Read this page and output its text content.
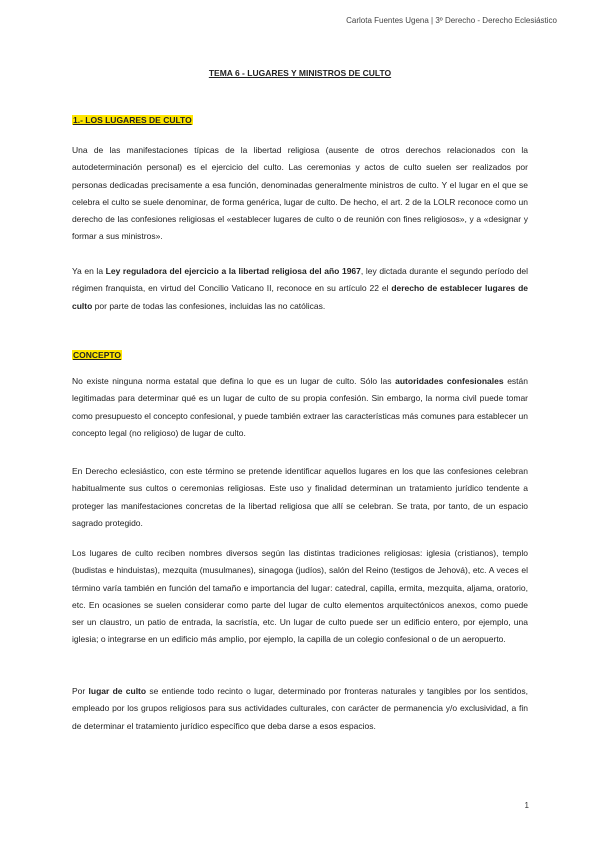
Carlota Fuentes Ugena | 3º Derecho - Derecho Eclesiástico
TEMA 6 - LUGARES Y MINISTROS DE CULTO
1.- LOS LUGARES DE CULTO

Una de las manifestaciones típicas de la libertad religiosa (ausente de otros derechos relacionados con la autodeterminación personal) es el ejercicio del culto. Las ceremonias y actos de culto suelen ser realizados por personas dedicadas precisamente a esa función, denominadas generalmente ministros de culto. Y el lugar en el que se celebra el culto se suele denominar, de forma genérica, lugar de culto. De hecho, el art. 2 de la LOLR reconoce como un derecho de las confesiones religiosas el «establecer lugares de culto o de reunión con fines religiosos», y a «designar y formar a sus ministros».

Ya en la Ley reguladora del ejercicio a la libertad religiosa del año 1967, ley dictada durante el segundo período del régimen franquista, en virtud del Concilio Vaticano II, reconoce en su artículo 22 el derecho de establecer lugares de culto por parte de todas las confesiones, incluidas las no católicas.

CONCEPTO

No existe ninguna norma estatal que defina lo que es un lugar de culto. Sólo las autoridades confesionales están legitimadas para determinar qué es un lugar de culto de su propia confesión. Sin embargo, la norma civil puede tomar como presupuesto el concepto confesional, y puede también extraer las características más comunes para establecer un concepto legal (no religioso) de lugar de culto.

En Derecho eclesiástico, con este término se pretende identificar aquellos lugares en los que las confesiones celebran habitualmente sus cultos o ceremonias religiosas. Este uso y finalidad determinan un tratamiento jurídico tendente a proteger las manifestaciones concretas de la libertad religiosa que allí se celebran. Se trata, por tanto, de un espacio sagrado protegido.

Los lugares de culto reciben nombres diversos según las distintas tradiciones religiosas: iglesia (cristianos), templo (budistas e hinduistas), mezquita (musulmanes), sinagoga (judíos), salón del Reino (testigos de Jehová), etc. A veces el término varía también en función del tamaño e importancia del lugar: catedral, capilla, ermita, mezquita, aljama, oratorio, etc. En ocasiones se suelen considerar como parte del lugar de culto elementos arquitectónicos anexos, como puede ser un claustro, un patio de entrada, la sacristía, etc. Un lugar de culto puede ser un edificio entero, por ejemplo, una iglesia; o integrarse en un edificio más amplio, por ejemplo, la capilla de un colegio confesional o de un aeropuerto.

Por lugar de culto se entiende todo recinto o lugar, determinado por fronteras naturales y tangibles por los sentidos, empleado por los grupos religiosos para sus actividades culturales, con carácter de permanencia y/o exclusividad, a fin de determinar el tratamiento jurídico específico que deba darse a esos espacios.

1
